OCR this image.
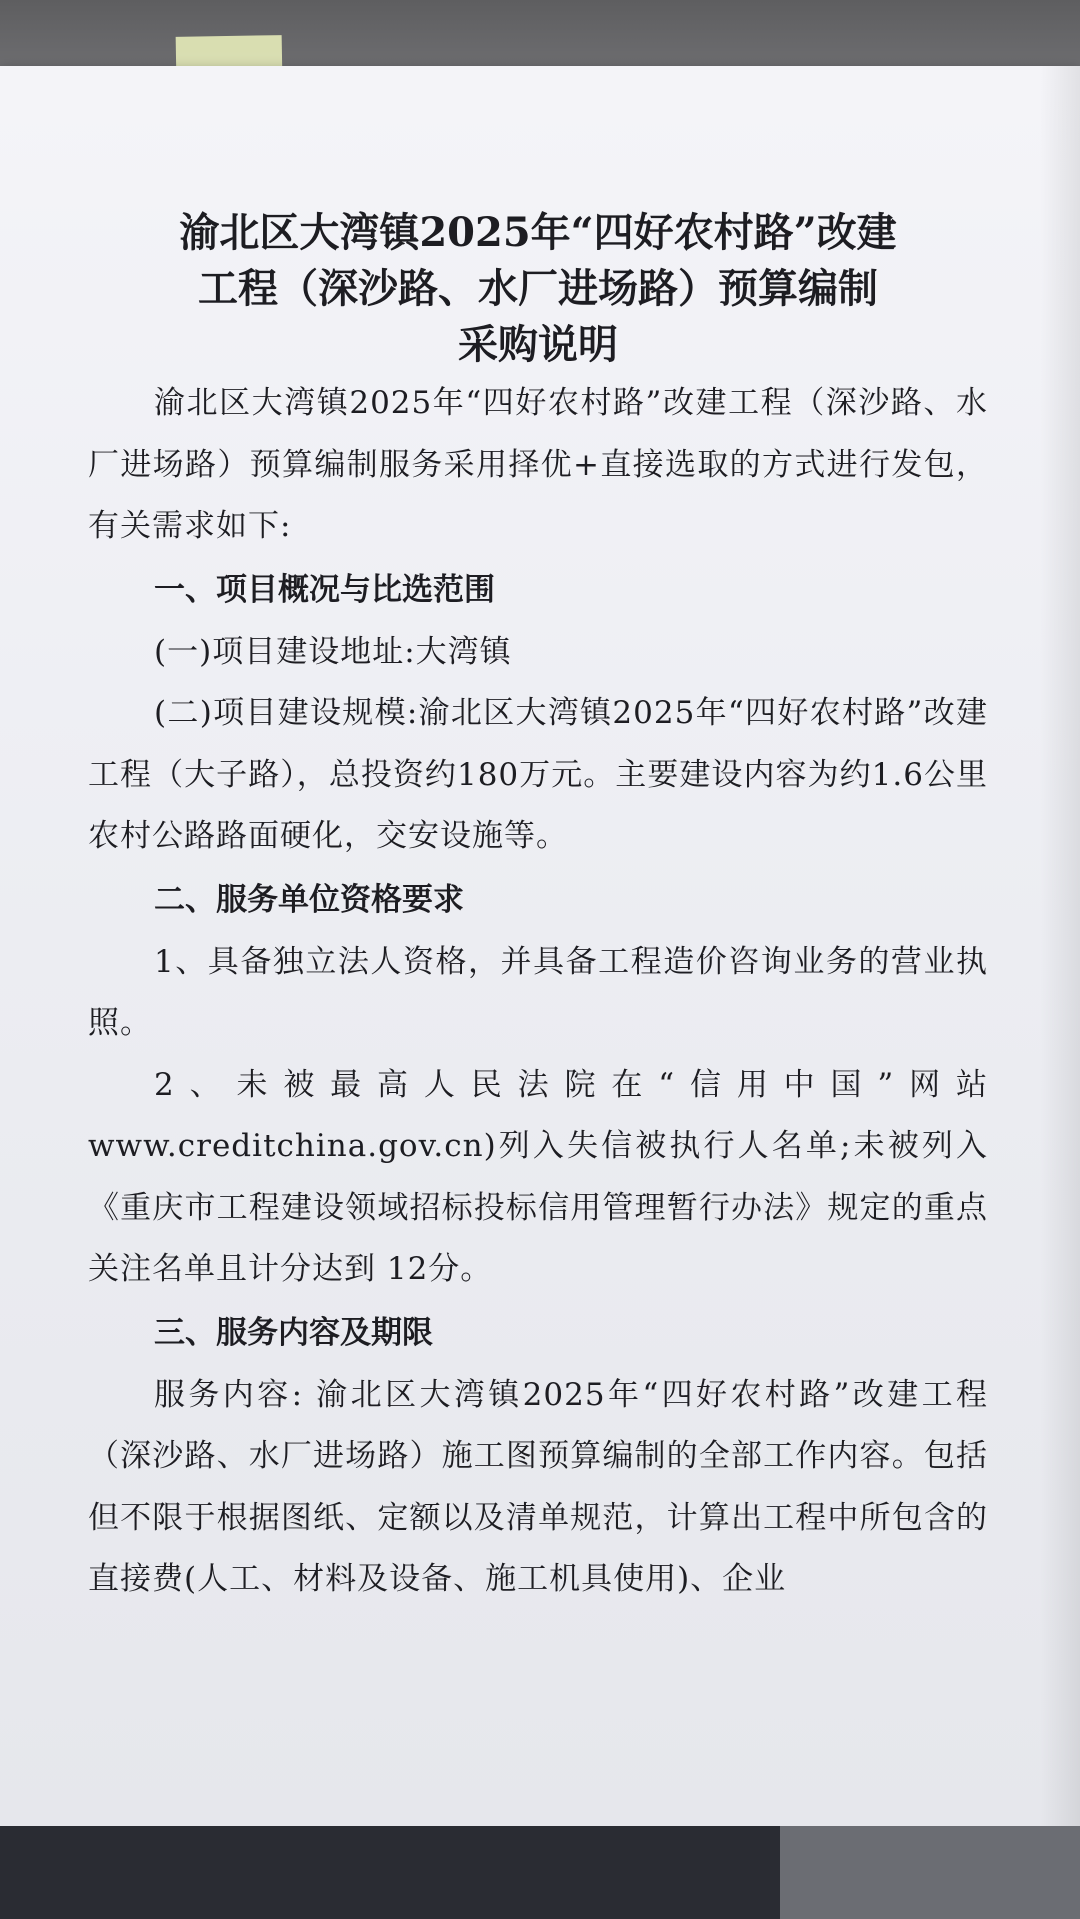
渝北区大湾镇2025年“四好农村路”改建
工程（深沙路、水厂进场路）预算编制
采购说明

渝北区大湾镇2025年“四好农村路”改建工程（深沙路、水厂进场路）预算编制服务采用择优+直接选取的方式进行发包，有关需求如下:

一、项目概况与比选范围

(一)项目建设地址:大湾镇

(二)项目建设规模:渝北区大湾镇2025年“四好农村路”改建工程（大子路），总投资约180万元。主要建设内容为约1.6公里农村公路路面硬化，交安设施等。

二、服务单位资格要求

1、具备独立法人资格，并具备工程造价咨询业务的营业执照。

2、未被最高人民法院在“信用中国”网站www.creditchina.gov.cn)列入失信被执行人名单;未被列入《重庆市工程建设领域招标投标信用管理暂行办法》规定的重点关注名单且计分达到 12分。

三、服务内容及期限

服务内容: 渝北区大湾镇2025年“四好农村路”改建工程（深沙路、水厂进场路）施工图预算编制的全部工作内容。包括但不限于根据图纸、定额以及清单规范，计算出工程中所包含的直接费(人工、材料及设备、施工机具使用)、企业
